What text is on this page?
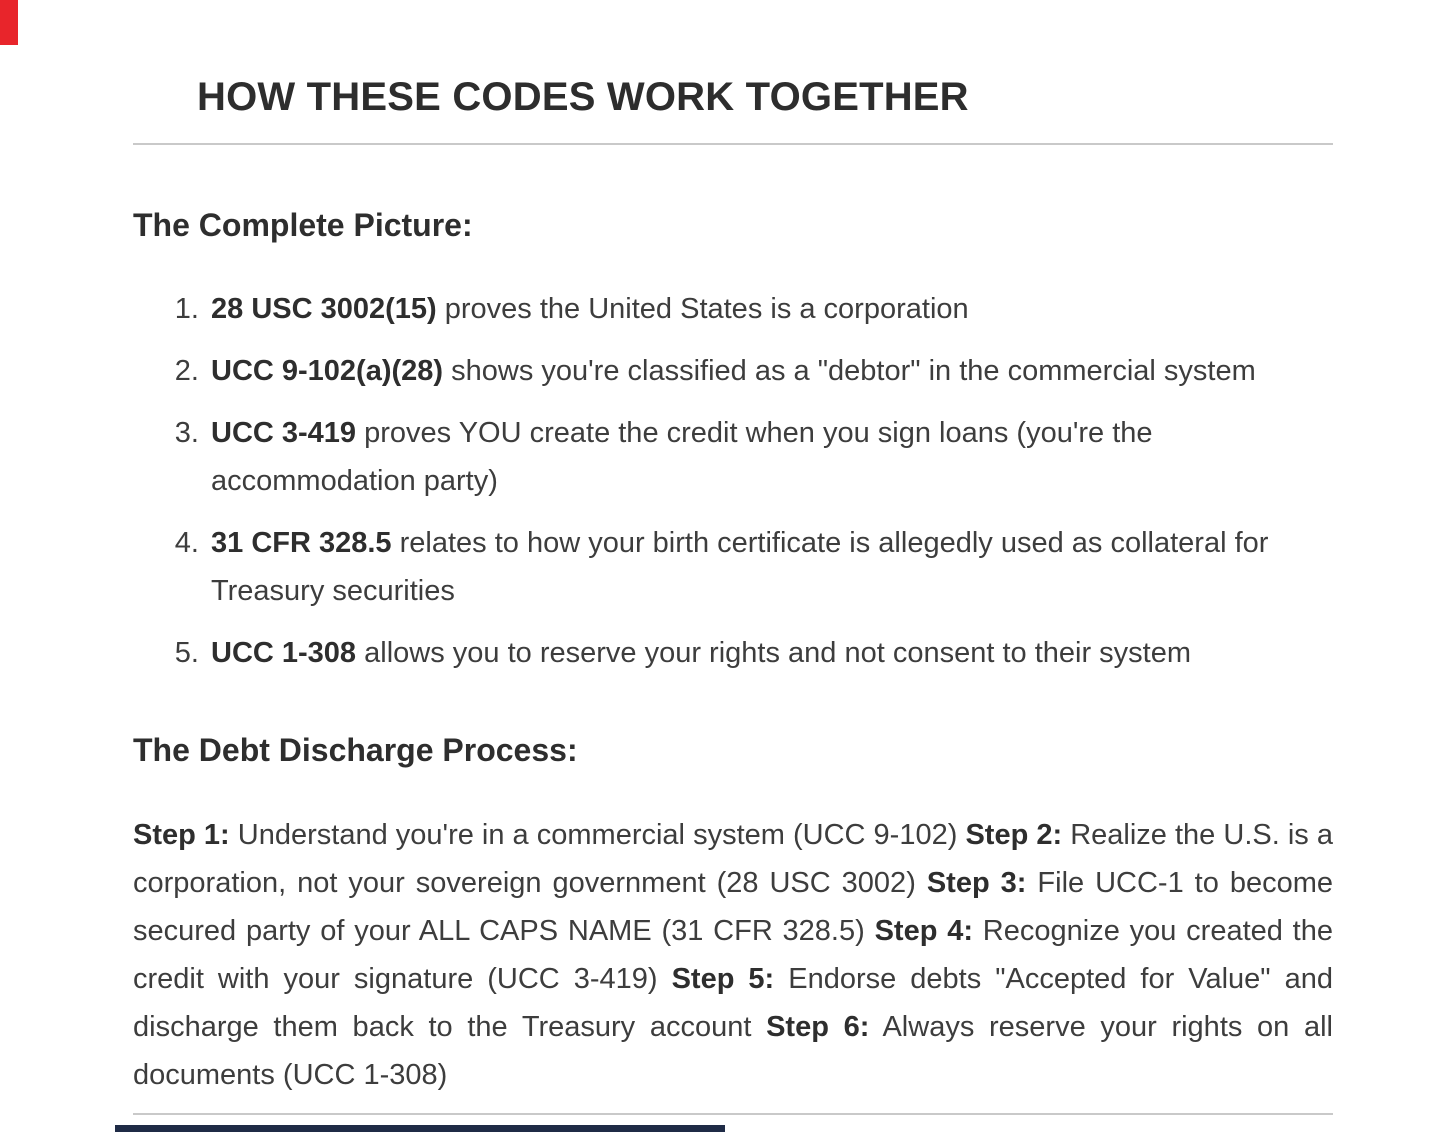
HOW THESE CODES WORK TOGETHER
The Complete Picture:
1. 28 USC 3002(15) proves the United States is a corporation
2. UCC 9-102(a)(28) shows you're classified as a "debtor" in the commercial system
3. UCC 3-419 proves YOU create the credit when you sign loans (you're the accommodation party)
4. 31 CFR 328.5 relates to how your birth certificate is allegedly used as collateral for Treasury securities
5. UCC 1-308 allows you to reserve your rights and not consent to their system
The Debt Discharge Process:

Step 1: Understand you're in a commercial system (UCC 9-102) Step 2: Realize the U.S. is a corporation, not your sovereign government (28 USC 3002) Step 3: File UCC-1 to become secured party of your ALL CAPS NAME (31 CFR 328.5) Step 4: Recognize you created the credit with your signature (UCC 3-419) Step 5: Endorse debts "Accepted for Value" and discharge them back to the Treasury account Step 6: Always reserve your rights on all documents (UCC 1-308)
